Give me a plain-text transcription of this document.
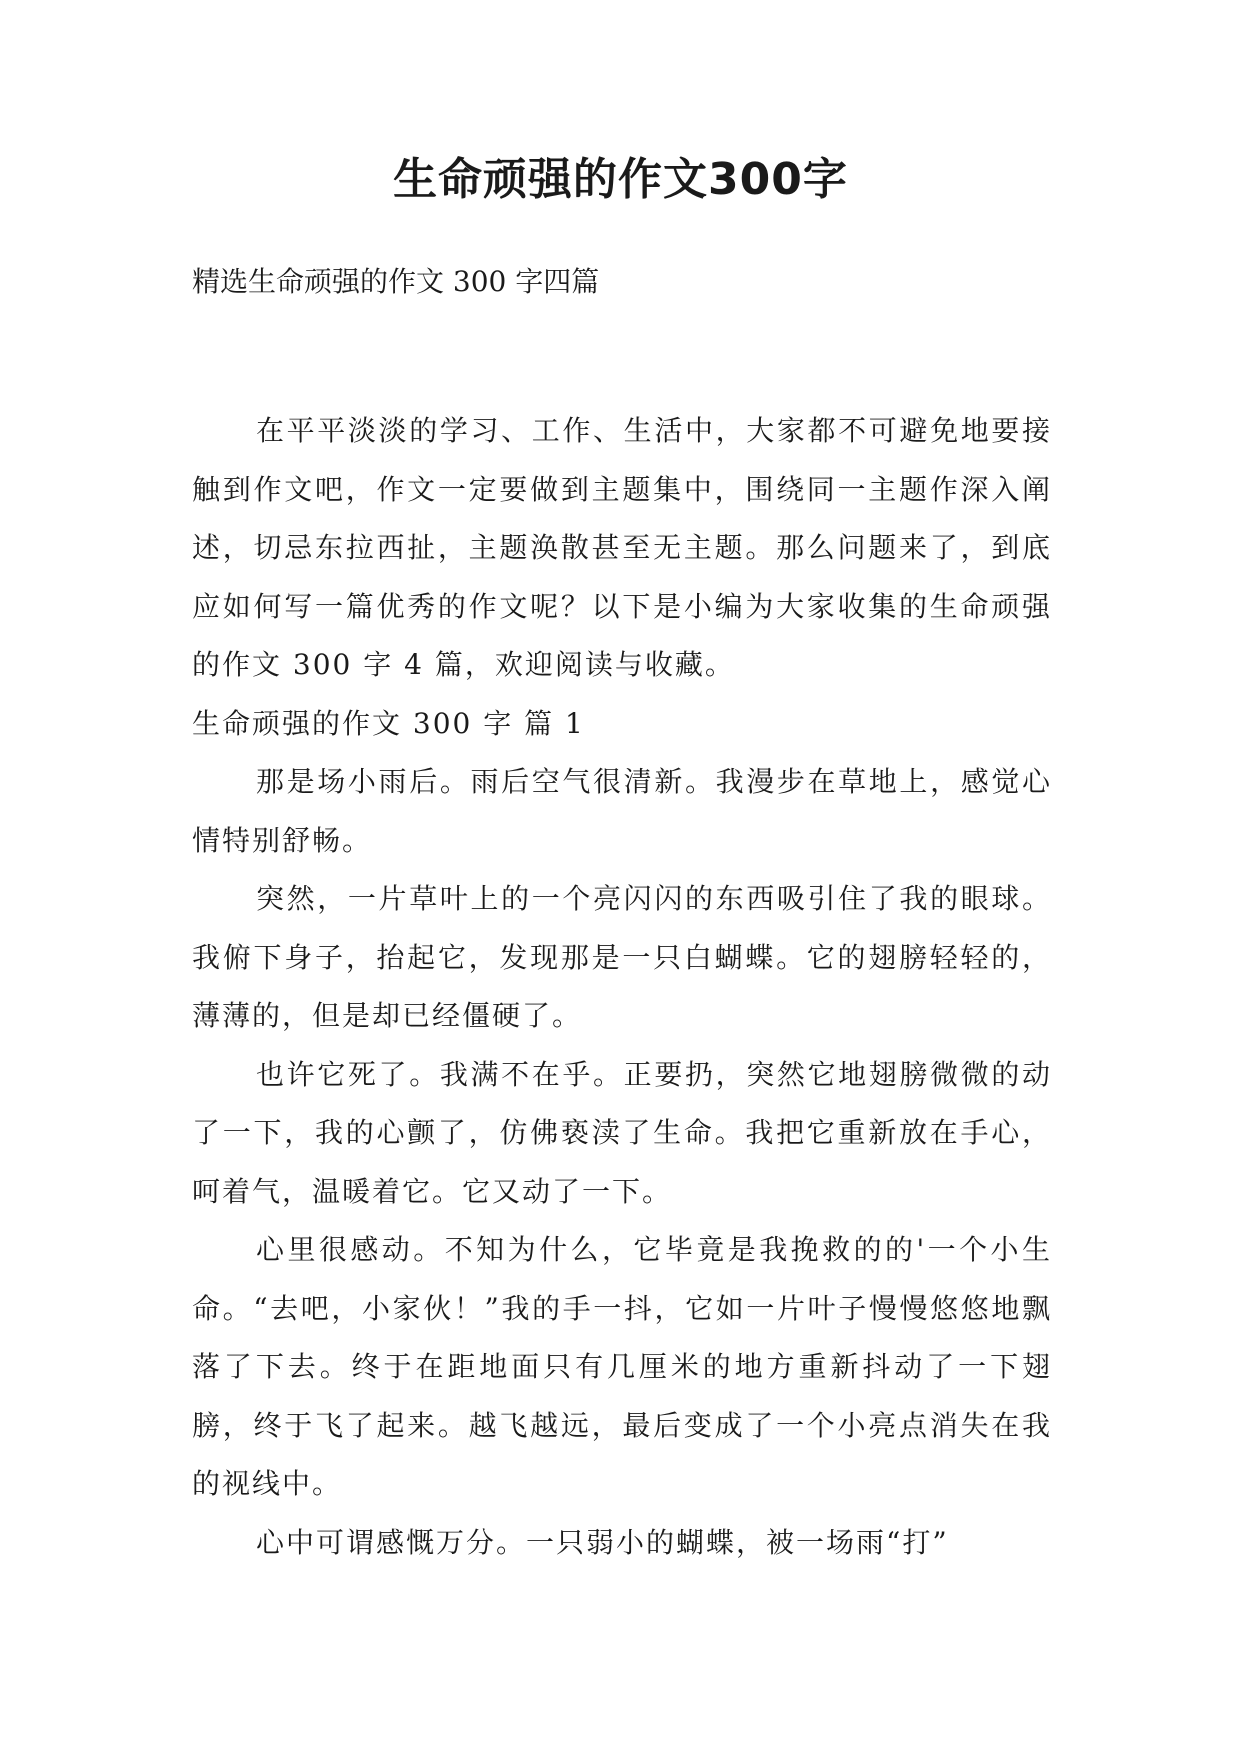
生命顽强的作文300字
精选生命顽强的作文 300 字四篇

在平平淡淡的学习、工作、生活中，大家都不可避免地要接触到作文吧，作文一定要做到主题集中，围绕同一主题作深入阐述，切忌东拉西扯，主题涣散甚至无主题。那么问题来了，到底应如何写一篇优秀的作文呢？以下是小编为大家收集的生命顽强的作文 300 字 4 篇，欢迎阅读与收藏。

生命顽强的作文 300 字 篇 1

那是场小雨后。雨后空气很清新。我漫步在草地上，感觉心情特别舒畅。

突然，一片草叶上的一个亮闪闪的东西吸引住了我的眼球。我俯下身子，抬起它，发现那是一只白蝴蝶。它的翅膀轻轻的，薄薄的，但是却已经僵硬了。

也许它死了。我满不在乎。正要扔，突然它地翅膀微微的动了一下，我的心颤了，仿佛亵渎了生命。我把它重新放在手心，呵着气，温暖着它。它又动了一下。

心里很感动。不知为什么，它毕竟是我挽救的的'一个小生命。“去吧，小家伙！”我的手一抖，它如一片叶子慢慢悠悠地飘落了下去。终于在距地面只有几厘米的地方重新抖动了一下翅膀，终于飞了起来。越飞越远，最后变成了一个小亮点消失在我的视线中。

心中可谓感慨万分。一只弱小的蝴蝶，被一场雨“打”
